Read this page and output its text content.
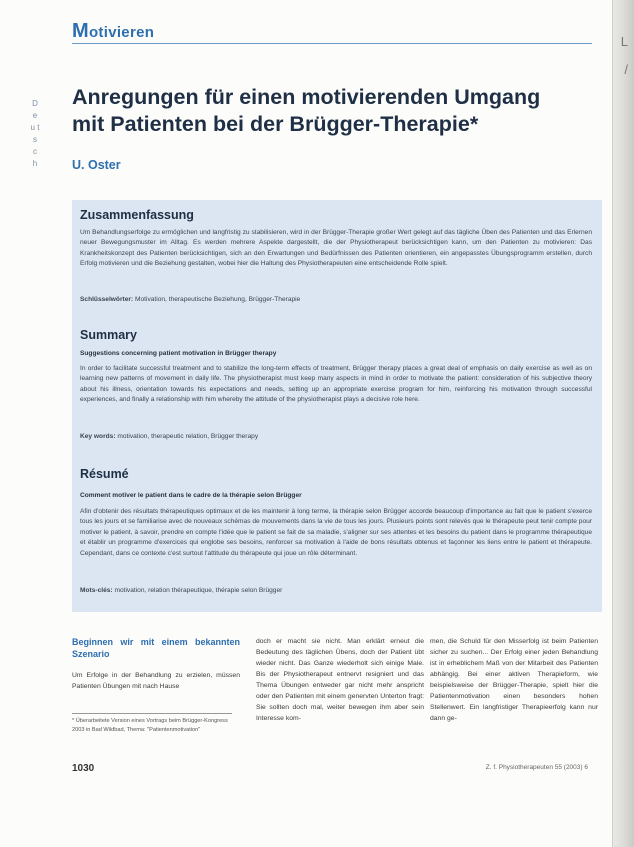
L
/
Motivieren
D e u t s c h
Anregungen für einen motivierenden Umgang
mit Patienten bei der Brügger-Therapie*
U. Oster
Zusammenfassung
Um Behandlungserfolge zu ermöglichen und langfristig zu stabilisieren, wird in der Brügger-Therapie großer Wert gelegt auf das tägliche Üben des Patienten und das Erlernen neuer Bewegungsmuster im Alltag. Es werden mehrere Aspekte dargestellt, die der Physiotherapeut berücksichtigen kann, um den Patienten zu motivieren: Das Krankheitskonzept des Patienten berücksichtigen, sich an den Erwartungen und Bedürfnissen des Patienten orientieren, ein angepasstes Übungsprogramm erstellen, durch Erfolg motivieren und die Beziehung gestalten, wobei hier die Haltung des Physiotherapeuten eine entscheidende Rolle spielt.
Schlüsselwörter: Motivation, therapeutische Beziehung, Brügger-Therapie
Summary
Suggestions concerning patient motivation in Brügger therapy
In order to facilitate successful treatment and to stabilize the long-term effects of treatment, Brügger therapy places a great deal of emphasis on daily exercise as well as on learning new patterns of movement in daily life. The physiotherapist must keep many aspects in mind in order to motivate the patient: consideration of his subjective theory about his illness, orientation towards his expectations and needs, setting up an appropriate exercise program for him, reinforcing his motivation through successful experiences, and finally a relationship with him whereby the attitude of the physiotherapist plays a decisive role here.
Key words: motivation, therapeutic relation, Brügger therapy
Résumé
Comment motiver le patient dans le cadre de la thérapie selon Brügger
Afin d'obtenir des résultats thérapeutiques optimaux et de les maintenir à long terme, la thérapie selon Brügger accorde beaucoup d'importance au fait que le patient s'exerce tous les jours et se familiarise avec de nouveaux schémas de mouvements dans la vie de tous les jours. Plusieurs points sont relevés que le thérapeute peut tenir compte pour motiver le patient, à savoir, prendre en compte l'idée que le patient se fait de sa maladie, s'aligner sur ses attentes et les besoins du patient dans le programme thérapeutique et établir un programme d'exercices qui englobe ses besoins, renforcer sa motivation à l'aide de bons résultats obtenus et façonner les liens entre le patient et thérapeute. Cependant, dans ce contexte c'est surtout l'attitude du thérapeute qui joue un rôle déterminant.
Mots-clés: motivation, relation thérapeutique, thérapie selon Brügger
Beginnen wir mit einem bekannten Szenario
Um Erfolge in der Behandlung zu erzielen, müssen Patienten Übungen mit nach Hause
doch er macht sie nicht. Man erklärt erneut die Bedeutung des täglichen Übens, doch der Patient übt wieder nicht. Das Ganze wiederholt sich einige Male. Bis der Physiotherapeut entnervt resigniert und das Thema Übungen entweder gar nicht mehr anspricht oder den Patienten mit einem genervten Unterton fragt: Sie sollten doch mal, weiter bewegen ihm aber sein Interesse kom-
men, die Schuld für den Misserfolg ist beim Patienten sicher zu suchen... Der Erfolg einer jeden Behandlung ist in erheblichem Maß von der Mitarbeit des Patienten abhängig. Bei einer aktiven Therapieform, wie beispielsweise der Brügger-Therapie, spielt hier die Patientenmotivation einen besonders hohen Stellenwert. Ein langfristiger Therapieerfolg kann nur dann ge-
* Überarbeitete Version eines Vortrags beim Brügger-Kongress 2003 in Bad Wildbad, Thema: "Patientenmotivation"
1030	Z. f. Physiotherapeuten 55 (2003) 6
